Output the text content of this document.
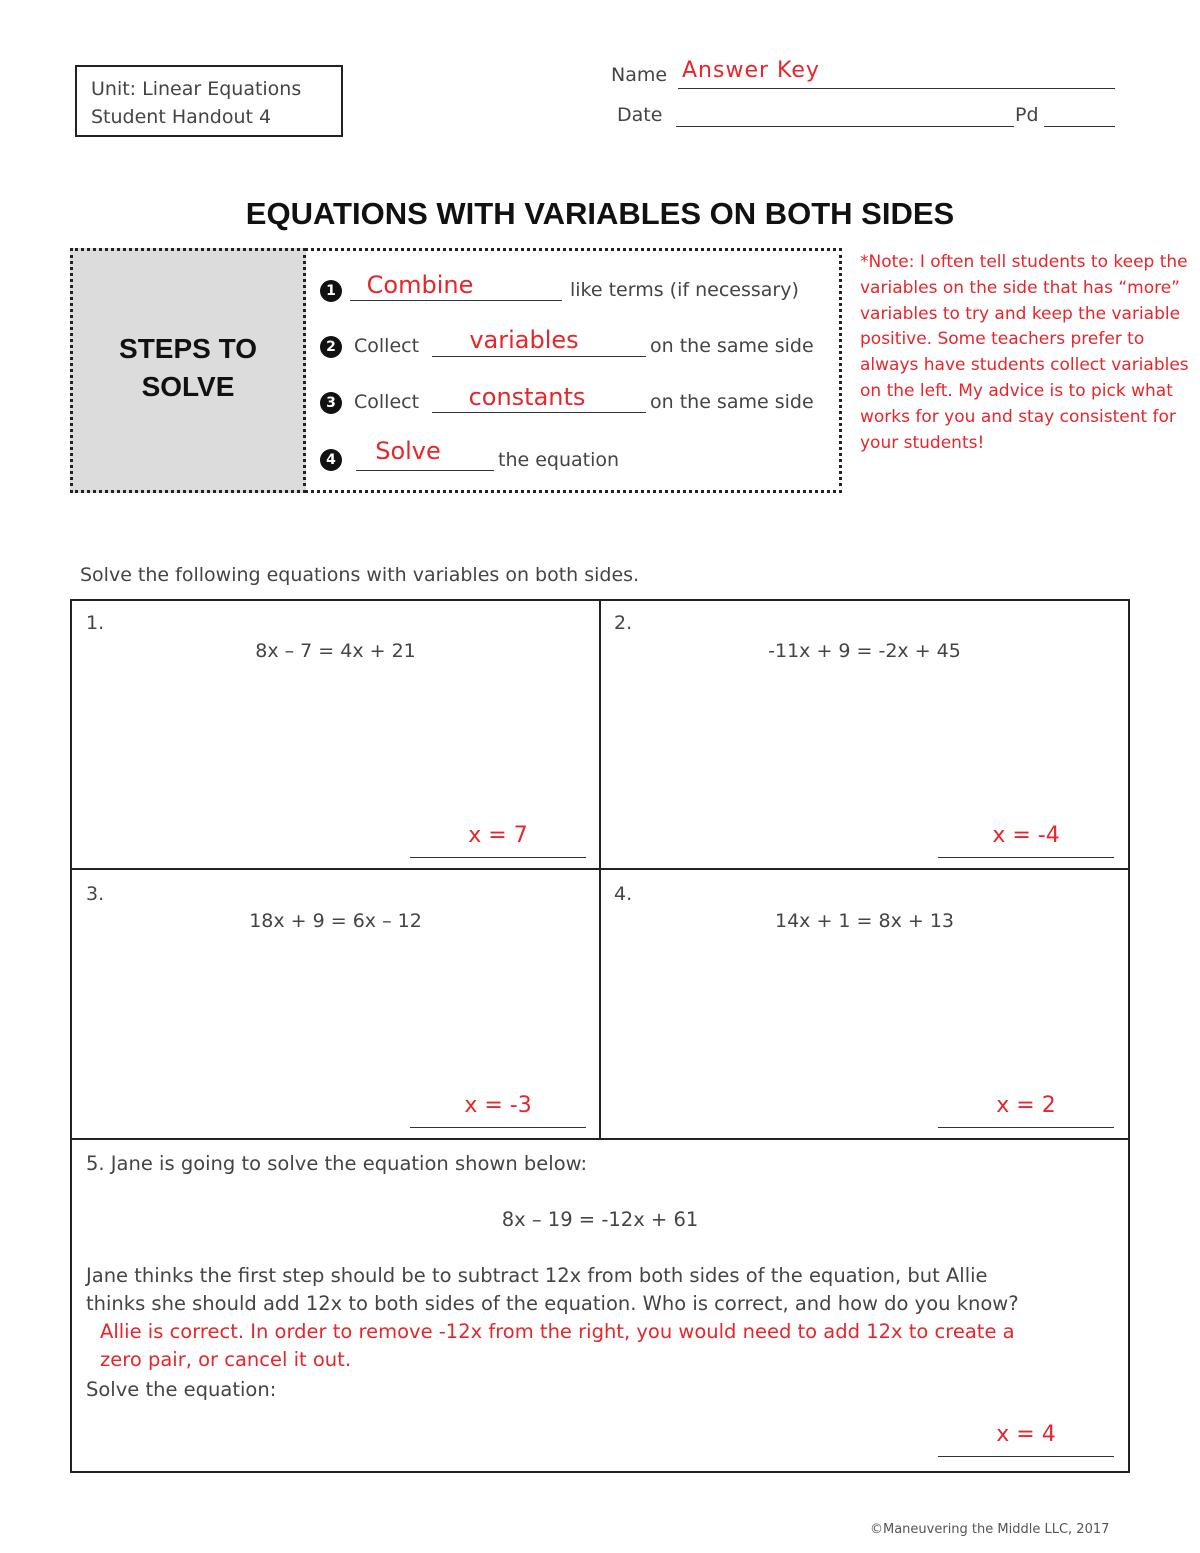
Unit: Linear Equations
Student Handout 4
Name Answer Key
Date	Pd
EQUATIONS WITH VARIABLES ON BOTH SIDES
STEPS TO
SOLVE
1	Combine	like terms (if necessary)
2 Collect	variables	on the same side
3 Collect	constants	on the same side
4	Solve	the equation
*Note: I often tell students to keep the variables on the side that has “more” variables to try and keep the variable positive. Some teachers prefer to always have students collect variables on the left. My advice is to pick what works for you and stay consistent for your students!
Solve the following equations with variables on both sides.
1.
8x – 7 = 4x + 21
x = 7
2.
-11x + 9 = -2x + 45
x = -4
3.
18x + 9 = 6x – 12
x = -3
4.
14x + 1 = 8x + 13
x = 2
5. Jane is going to solve the equation shown below:
8x – 19 = -12x + 61
Jane thinks the first step should be to subtract 12x from both sides of the equation, but Allie
thinks she should add 12x to both sides of the equation. Who is correct, and how do you know?
Allie is correct. In order to remove -12x from the right, you would need to add 12x to create a
zero pair, or cancel it out.
Solve the equation:
x = 4
©Maneuvering the Middle LLC, 2017
